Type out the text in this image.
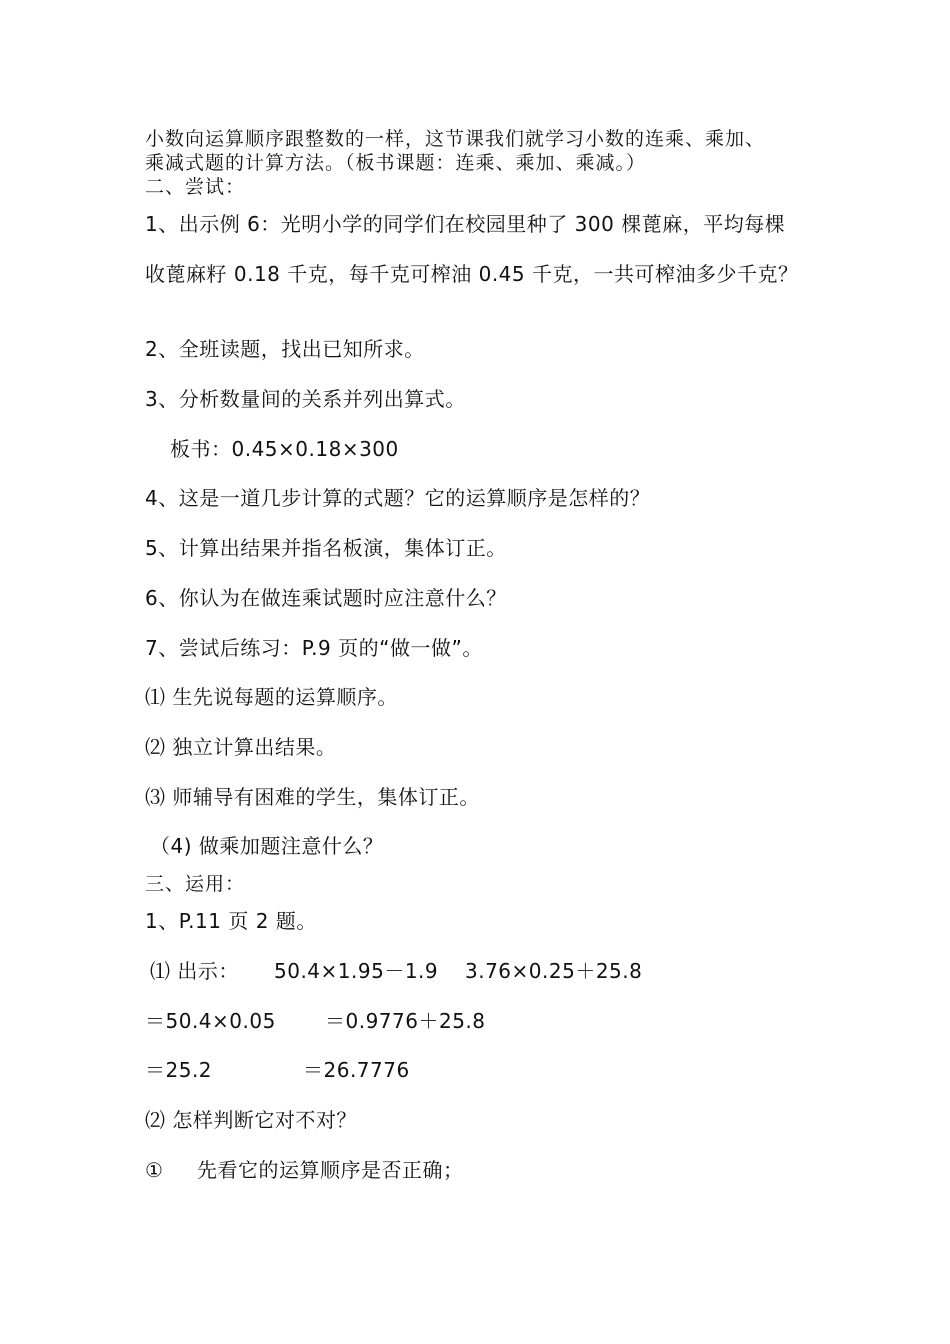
小数向运算顺序跟整数的一样，这节课我们就学习小数的连乘、乘加、
乘减式题的计算方法。（板书课题：连乘、乘加、乘减。）
二、尝试：
1、出示例 6：光明小学的同学们在校园里种了 300 棵蓖麻，平均每棵
收蓖麻籽 0.18 千克，每千克可榨油 0.45 千克，一共可榨油多少千克？
2、全班读题，找出已知所求。
3、分析数量间的关系并列出算式。
板书：0.45×0.18×300
4、这是一道几步计算的式题？它的运算顺序是怎样的？
5、计算出结果并指名板演，集体订正。
6、你认为在做连乘试题时应注意什么？
7、尝试后练习：P.9 页的“做一做”。
⑴ 生先说每题的运算顺序。
⑵ 独立计算出结果。
⑶ 师辅导有困难的学生，集体订正。
（4) 做乘加题注意什么？
三、运用：
1、P.11 页 2 题。
⑴ 出示： 50.4×1.95－1.9 3.76×0.25＋25.8
＝50.4×0.05 ＝0.9776＋25.8
＝25.2	＝26.7776
⑵ 怎样判断它对不对？
① 先看它的运算顺序是否正确；
